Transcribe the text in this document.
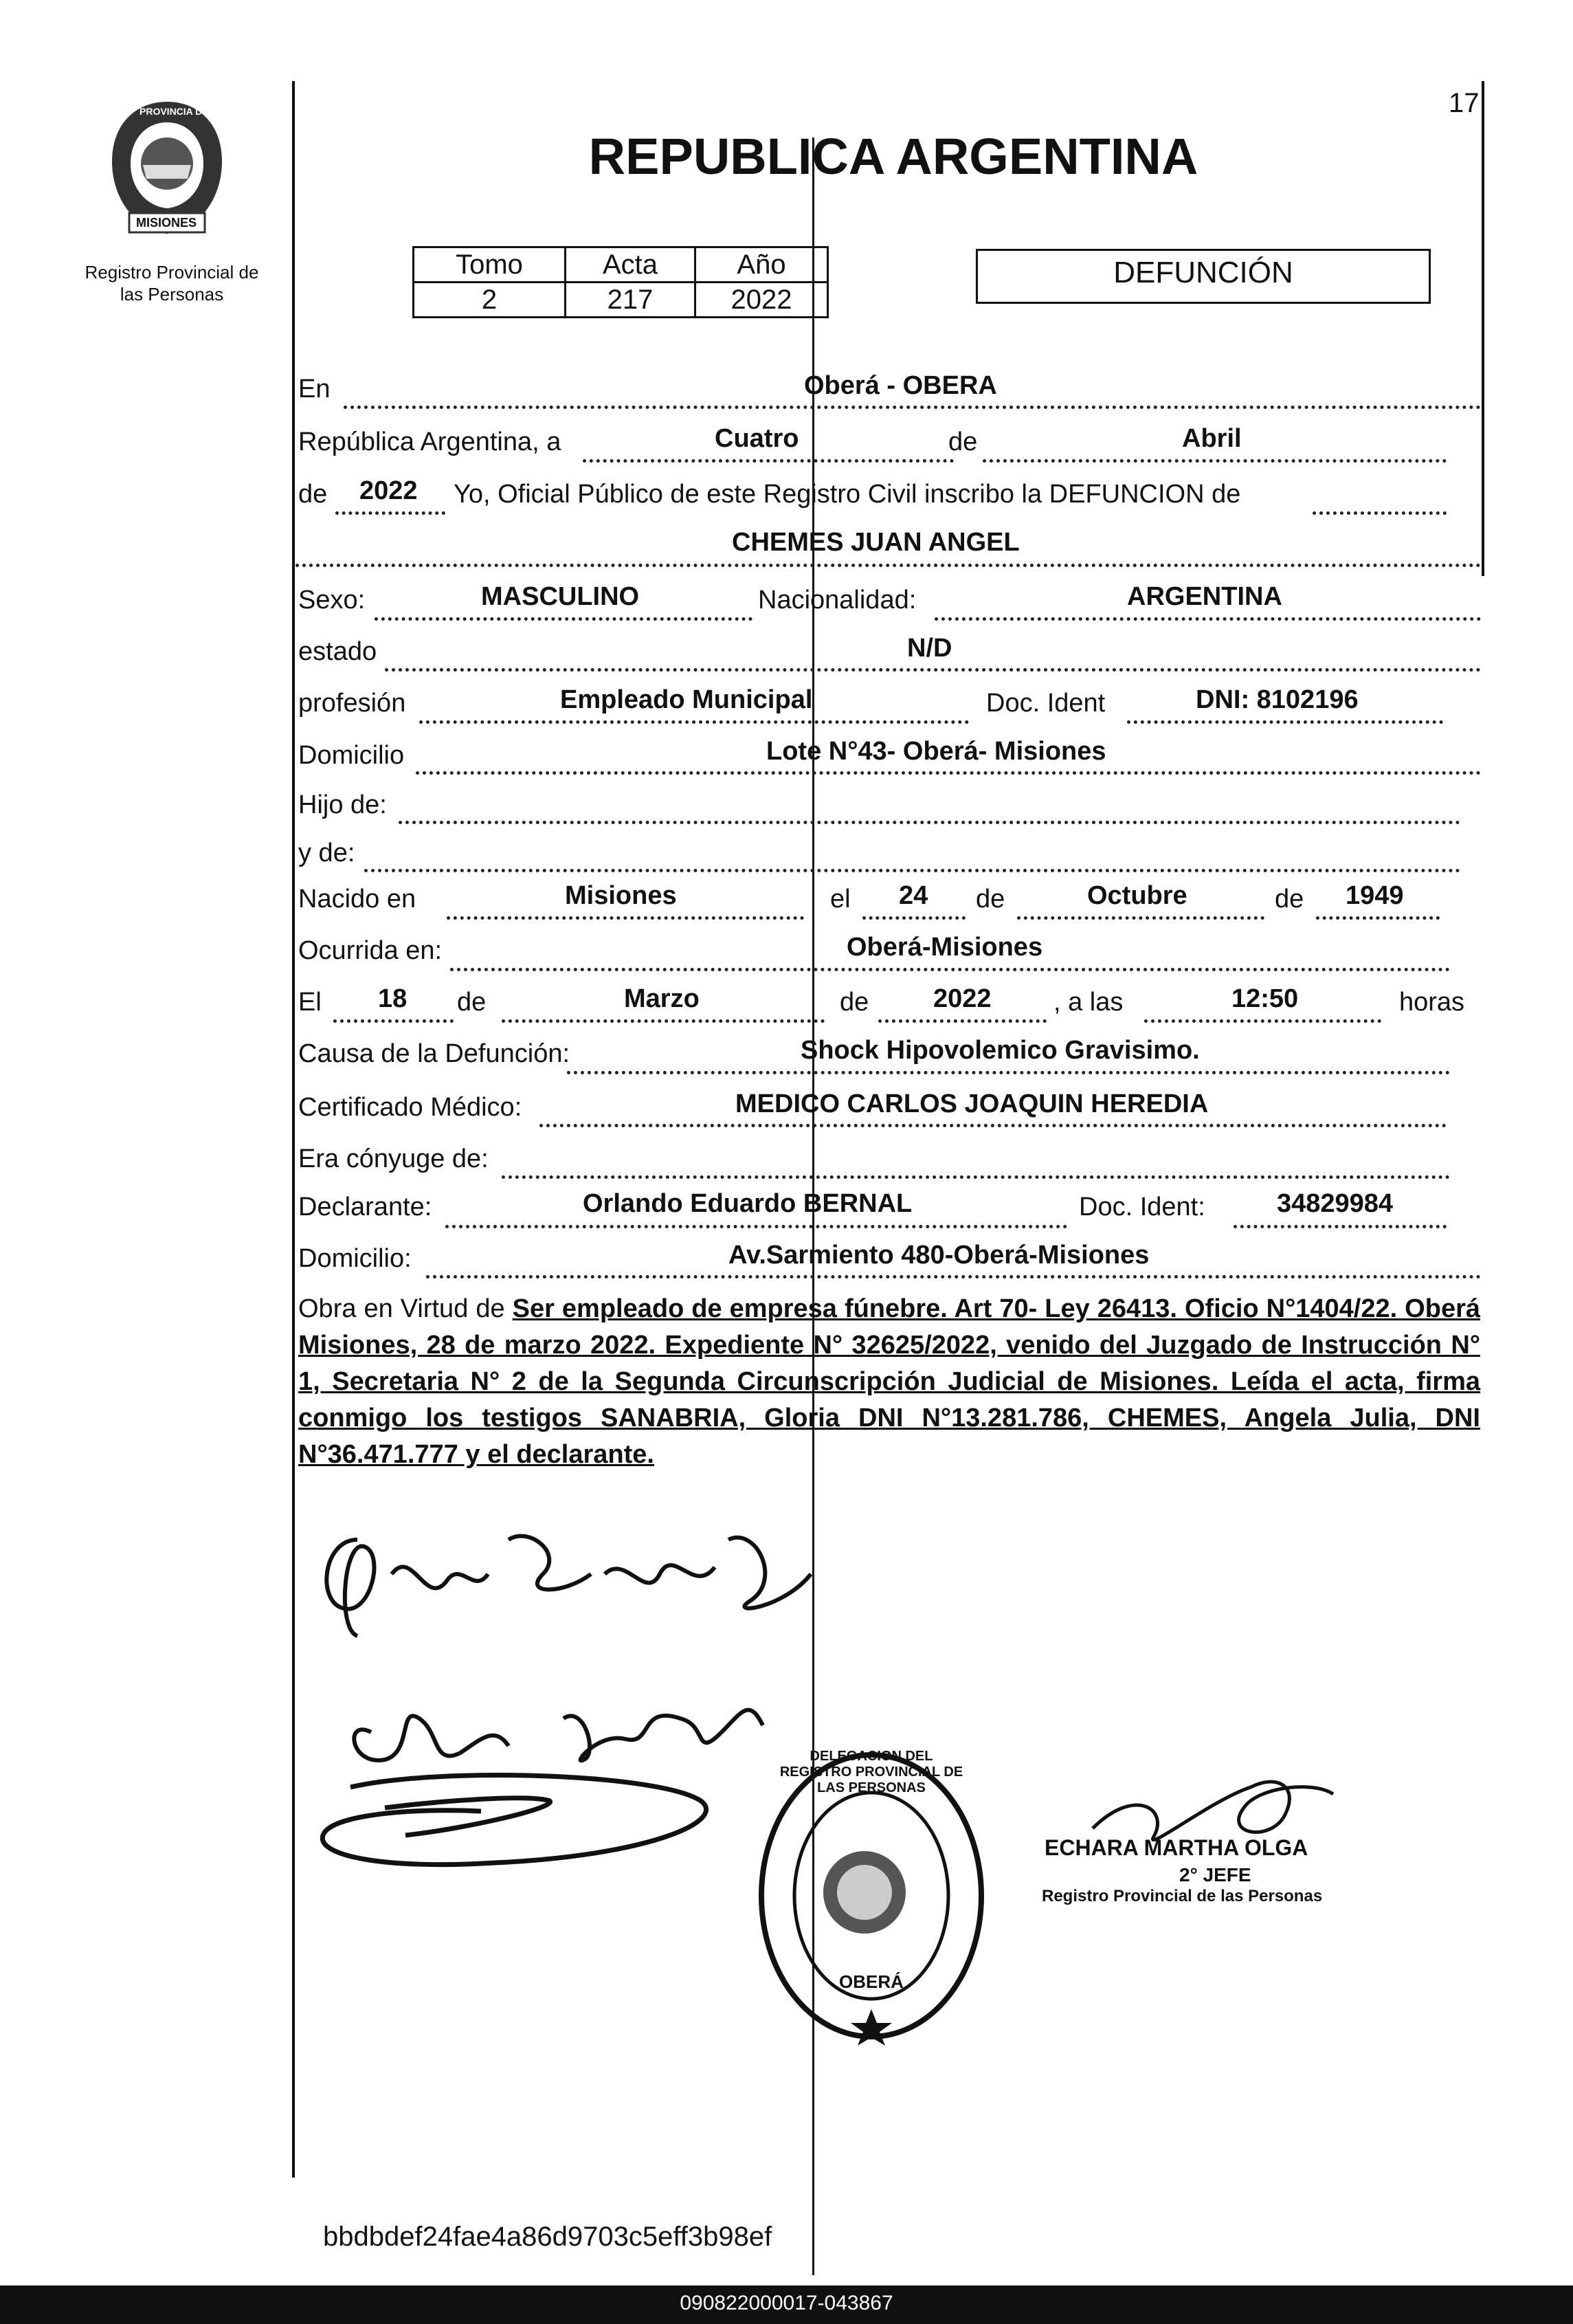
PROVINCIA DE
MISIONES
Registro Provincial de las Personas
17
REPUBLICA ARGENTINA
Tomo	Acta	Año
2	217	2022
DEFUNCIÓN
En	Oberá - OBERA
República Argentina, a	Cuatro	de	Abril
de 2022 Yo, Oficial Público de este Registro Civil inscribo la DEFUNCION de
CHEMES JUAN ANGEL
Sexo:	MASCULINO	Nacionalidad:	ARGENTINA
estado	N/D
profesión	Empleado Municipal	Doc. Ident	DNI: 8102196
Domicilio	Lote N°43- Oberá- Misiones
Hijo de:
y de:
Nacido en	Misiones	el 24 de	Octubre	de 1949
Ocurrida en:	Oberá-Misiones
El 18 de	Marzo	de 2022 , a las	12:50	horas
Causa de la Defunción:	Shock Hipovolemico Gravisimo.
Certificado Médico:	MEDICO CARLOS JOAQUIN HEREDIA
Era cónyuge de:
Declarante:	Orlando Eduardo BERNAL	Doc. Ident:	34829984
Domicilio:	Av.Sarmiento 480-Oberá-Misiones
Obra en Virtud de Ser empleado de empresa fúnebre. Art 70- Ley 26413. Oficio N°1404/22. Oberá Misiones, 28 de marzo 2022. Expediente N° 32625/2022, venido del Juzgado de Instrucción N° 1, Secretaria N° 2 de la Segunda Circunscripción Judicial de Misiones. Leída el acta, firma conmigo los testigos SANABRIA, Gloria DNI N°13.281.786, CHEMES, Angela Julia, DNI N°36.471.777 y el declarante.
DELEGACION DEL REGISTRO PROVINCIAL DE LAS PERSONAS
OBERÁ
ECHARA MARTHA OLGA
2° JEFE
Registro Provincial de las Personas
bbdbdef24fae4a86d9703c5eff3b98ef
090822000017-043867
